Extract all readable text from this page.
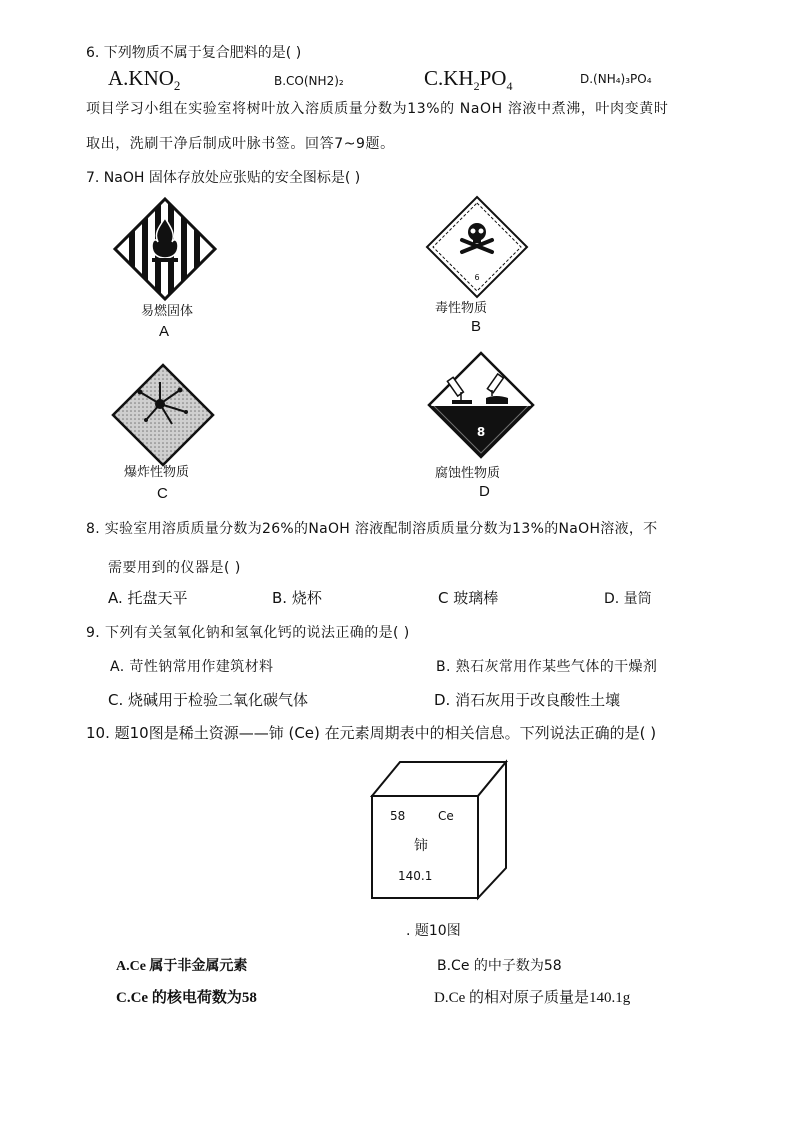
6. 下列物质不属于复合肥料的是( )
$A.KNO_2$	B.CO(NH2)₂	$C.KH_2PO_4$
D.(NH₄)₃PO₄
项目学习小组在实验室将树叶放入溶质质量分数为13%的 NaOH 溶液中煮沸，叶肉变黄时
取出，洗刷干净后制成叶脉书签。回答7~9题。
7. NaOH 固体存放处应张贴的安全图标是( )
易燃固体
A
6
毒性物质
B
爆炸性物质
C
8
腐蚀性物质
D
8. 实验室用溶质质量分数为26%的NaOH 溶液配制溶质质量分数为13%的NaOH溶液，不
需要用到的仪器是( )
A. 托盘天平	B. 烧杯	C 玻璃棒	D. 量筒
9. 下列有关氢氧化钠和氢氧化钙的说法正确的是( )
A. 苛性钠常用作建筑材料	B. 熟石灰常用作某些气体的干燥剂
C. 烧碱用于检验二氧化碳气体	D. 消石灰用于改良酸性土壤
10. 题10图是稀土资源——铈 (Ce) 在元素周期表中的相关信息。下列说法正确的是( )
58	Ce
铈
140.1
. 题10图
A.Ce 属于非金属元素	B.Ce 的中子数为58
C.Ce 的核电荷数为58	D.Ce 的相对原子质量是140.1g
